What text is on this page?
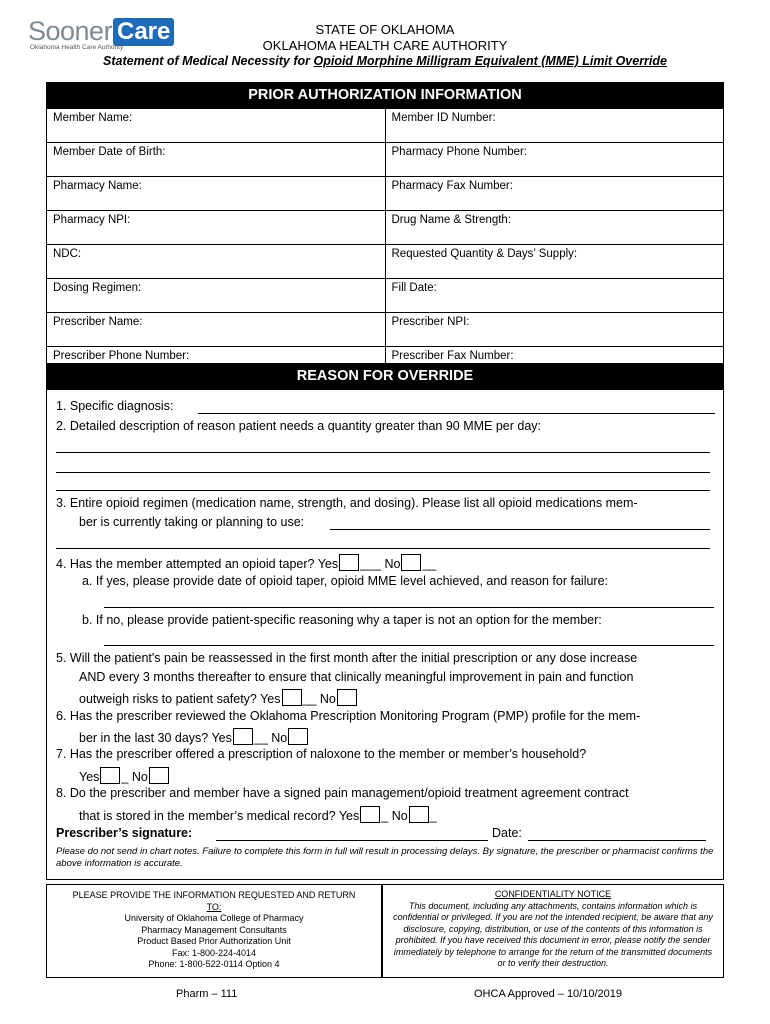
Sooner Care
Oklahoma Health Care Authority
STATE OF OKLAHOMA
OKLAHOMA HEALTH CARE AUTHORITY
Statement of Medical Necessity for Opioid Morphine Milligram Equivalent (MME) Limit Override
PRIOR AUTHORIZATION INFORMATION
Member Name:	Member ID Number:
Member Date of Birth:	Pharmacy Phone Number:
Pharmacy Name:	Pharmacy Fax Number:
Pharmacy NPI:	Drug Name & Strength:
NDC:	Requested Quantity & Days’ Supply:
Dosing Regimen:	Fill Date:
Prescriber Name:	Prescriber NPI:
Prescriber Phone Number:	Prescriber Fax Number:
REASON FOR OVERRIDE
1. Specific diagnosis:
2. Detailed description of reason patient needs a quantity greater than 90 MME per day:
3. Entire opioid regimen (medication name, strength, and dosing). Please list all opioid medications mem-
ber is currently taking or planning to use:
4. Has the member attempted an opioid taper? Yes ___ No __
a. If yes, please provide date of opioid taper, opioid MME level achieved, and reason for failure:
b. If no, please provide patient-specific reasoning why a taper is not an option for the member:
5. Will the patient's pain be reassessed in the first month after the initial prescription or any dose increase
AND every 3 months thereafter to ensure that clinically meaningful improvement in pain and function
outweigh risks to patient safety? Yes __ No
6. Has the prescriber reviewed the Oklahoma Prescription Monitoring Program (PMP) profile for the mem-
ber in the last 30 days? Yes __ No
7. Has the prescriber offered a prescription of naloxone to the member or member’s household?
Yes _ No
8. Do the prescriber and member have a signed pain management/opioid treatment agreement contract
that is stored in the member’s medical record? Yes _ No _
Prescriber’s signature:	Date:
Please do not send in chart notes. Failure to complete this form in full will result in processing delays. By signature, the prescriber or pharmacist confirms the above information is accurate.
PLEASE PROVIDE THE INFORMATION REQUESTED AND RETURN
TO:
University of Oklahoma College of Pharmacy
Pharmacy Management Consultants
Product Based Prior Authorization Unit
Fax: 1-800-224-4014
Phone: 1-800-522-0114 Option 4
CONFIDENTIALITY NOTICE
This document, including any attachments, contains information which is confidential or privileged. If you are not the intended recipient, be aware that any disclosure, copying, distribution, or use of the contents of this information is prohibited. If you have received this document in error, please notify the sender immediately by telephone to arrange for the return of the transmitted documents or to verify their destruction.
Pharm – 111	OHCA Approved – 10/10/2019
